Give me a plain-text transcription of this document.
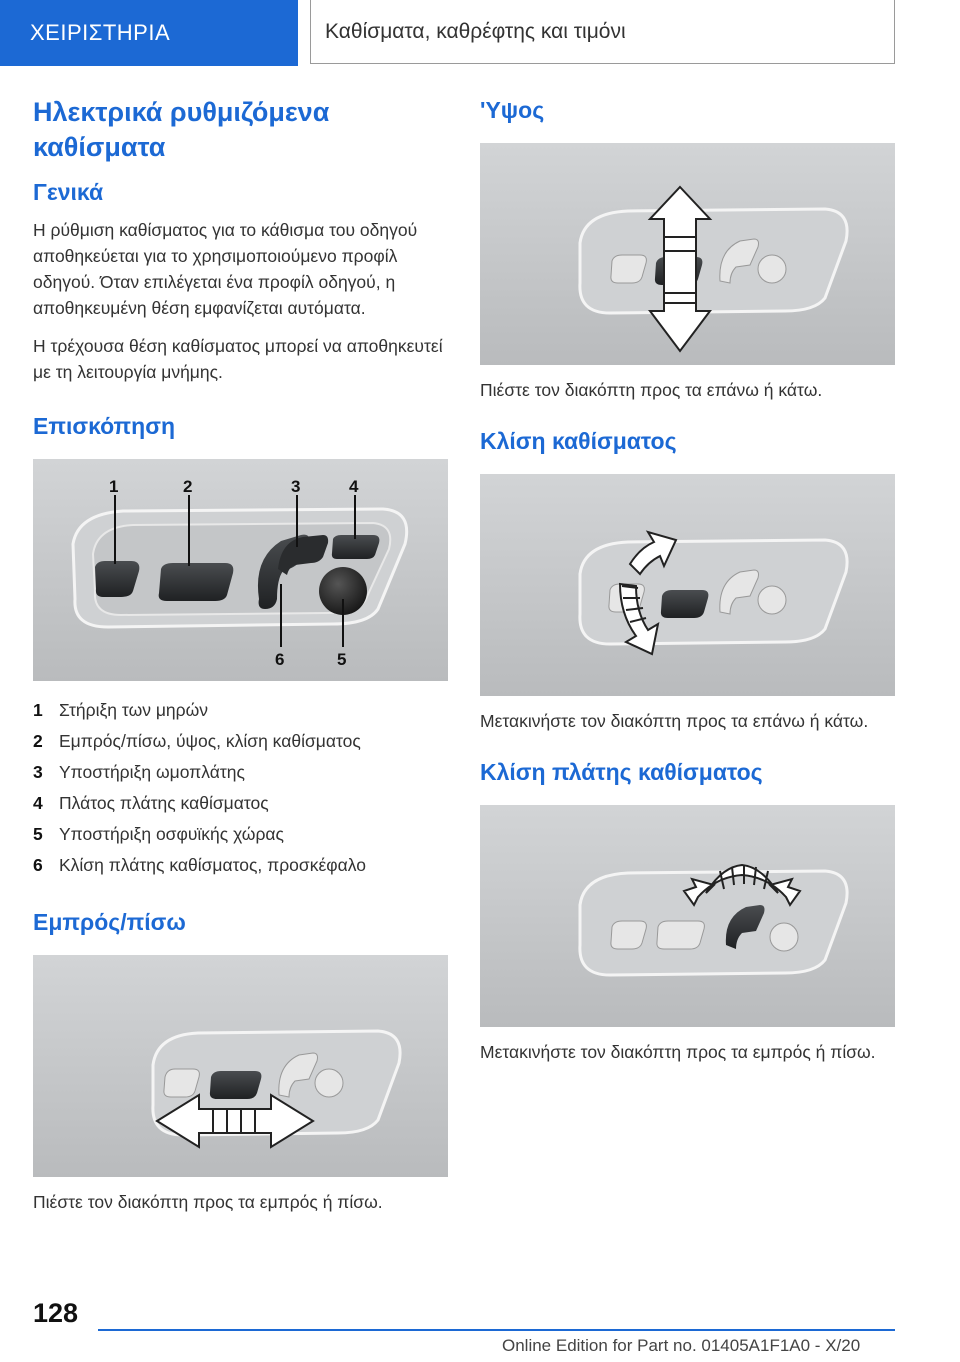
ΧΕΙΡΙΣΤΗΡΙΑ	Καθίσματα, καθρέφτης και τιμόνι
Ηλεκτρικά ρυθμιζόμενα καθίσματα
Γενικά

Η ρύθμιση καθίσματος για το κάθισμα του οδηγού αποθηκεύεται για το χρησιμοποιούμενο προφίλ οδηγού. Όταν επιλέγεται ένα προφίλ οδηγού, η αποθηκευμένη θέση εμφανίζεται αυτόματα.

Η τρέχουσα θέση καθίσματος μπορεί να αποθηκευτεί με τη λειτουργία μνήμης.

Επισκόπηση
1	2	3	4
5
6
1 Στήριξη των μηρών
2 Εμπρός/πίσω, ύψος, κλίση καθίσματος
3 Υποστήριξη ωμοπλάτης
4 Πλάτος πλάτης καθίσματος
5 Υποστήριξη οσφυϊκής χώρας
6 Κλίση πλάτης καθίσματος, προσκέφαλο
Εμπρός/πίσω

Πιέστε τον διακόπτη προς τα εμπρός ή πίσω.

'Υψος

Πιέστε τον διακόπτη προς τα επάνω ή κάτω.

Κλίση καθίσματος

Μετακινήστε τον διακόπτη προς τα επάνω ή κάτω.

Κλίση πλάτης καθίσματος

Μετακινήστε τον διακόπτη προς τα εμπρός ή πίσω.

128
Online Edition for Part no. 01405A1F1A0 - X/20
